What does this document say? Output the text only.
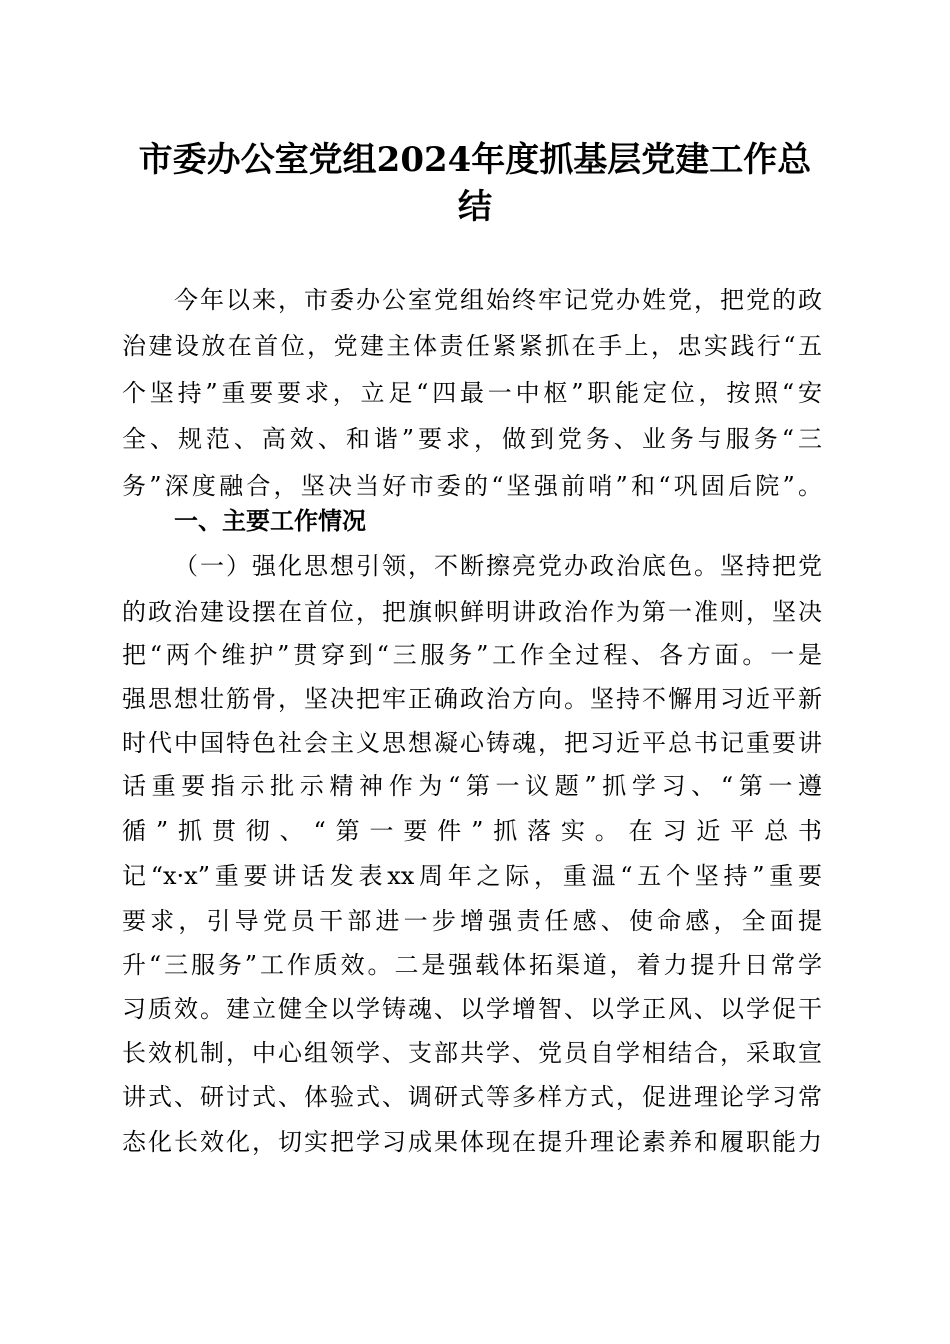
市委办公室党组2024年度抓基层党建工作总
结
今年以来，市委办公室党组始终牢记党办姓党，把党的政
治建设放在首位，党建主体责任紧紧抓在手上，忠实践行“五
个坚持”重要要求，立足“四最一中枢”职能定位，按照“安
全、规范、高效、和谐”要求，做到党务、业务与服务“三
务”深度融合，坚决当好市委的“坚强前哨”和“巩固后院”。
一、主要工作情况
（一）强化思想引领，不断擦亮党办政治底色。坚持把党
的政治建设摆在首位，把旗帜鲜明讲政治作为第一准则，坚决
把“两个维护”贯穿到“三服务”工作全过程、各方面。一是
强思想壮筋骨，坚决把牢正确政治方向。坚持不懈用习近平新
时代中国特色社会主义思想凝心铸魂，把习近平总书记重要讲
话重要指示批示精神作为“第一议题”抓学习、“第一遵
循”抓贯彻、“第一要件”抓落实。在习近平总书
记“x·x”重要讲话发表xx周年之际，重温“五个坚持”重要
要求，引导党员干部进一步增强责任感、使命感，全面提
升“三服务”工作质效。二是强载体拓渠道，着力提升日常学
习质效。建立健全以学铸魂、以学增智、以学正风、以学促干
长效机制，中心组领学、支部共学、党员自学相结合，采取宣
讲式、研讨式、体验式、调研式等多样方式，促进理论学习常
态化长效化，切实把学习成果体现在提升理论素养和履职能力
